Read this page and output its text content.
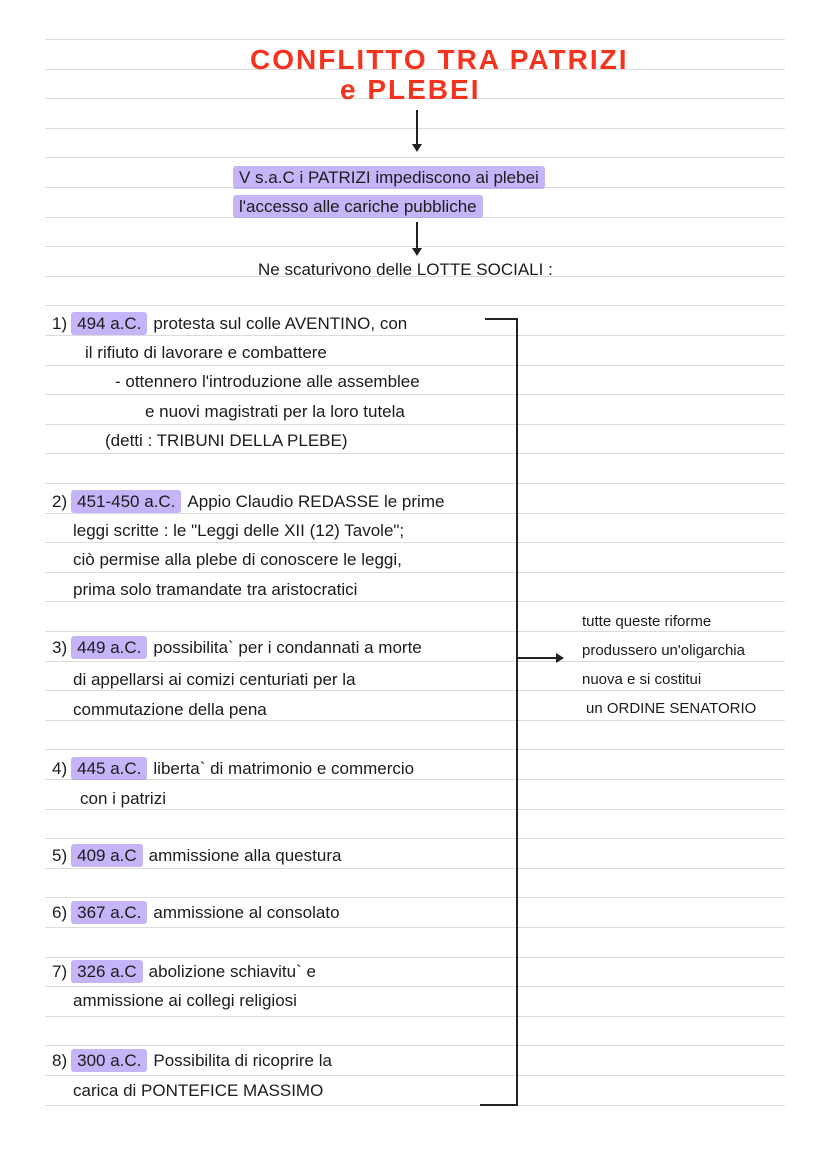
CONFLITTO TRA PATRIZI
e PLEBEI
V s.a.C i PATRIZI impediscono ai plebei
l'accesso alle cariche pubbliche
Ne scaturivono delle LOTTE SOCIALI :
1) 494 a.C. protesta sul colle AVENTINO, con
il rifiuto di lavorare e combattere
- ottennero l'introduzione alle assemblee
e nuovi magistrati per la loro tutela
(detti : TRIBUNI DELLA PLEBE)
2) 451-450 a.C. Appio Claudio REDASSE le prime
leggi scritte : le "Leggi delle XII (12) Tavole";
ciò permise alla plebe di conoscere le leggi,
prima solo tramandate tra aristocratici
3) 449 a.C. possibilita` per i condannati a morte
di appellarsi ai comizi centuriati per la
commutazione della pena
4) 445 a.C. liberta` di matrimonio e commercio
con i patrizi
5) 409 a.C ammissione alla questura
6) 367 a.C. ammissione al consolato
7) 326 a.C abolizione schiavitu` e
ammissione ai collegi religiosi
8) 300 a.C. Possibilita di ricoprire la
carica di PONTEFICE MASSIMO
tutte queste riforme
produssero un'oligarchia
nuova e si costitui
un ORDINE SENATORIO
